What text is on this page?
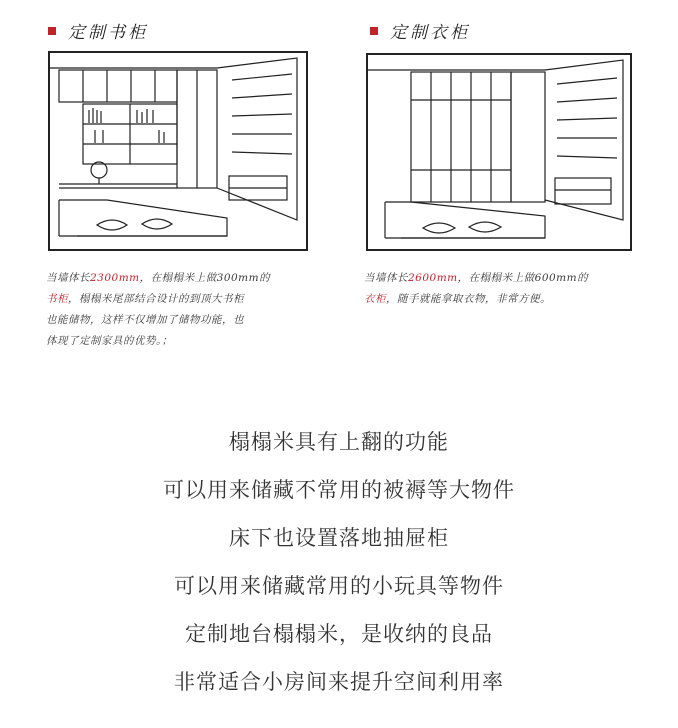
定制书柜	定制衣柜
当墙体长2300mm，在榻榻米上做300mm的
书柜，榻榻米尾部结合设计的到顶大书柜
也能储物，这样不仅增加了储物功能，也
体现了定制家具的优势。；
当墙体长2600mm，在榻榻米上做600mm的
衣柜，随手就能拿取衣物，非常方便。
榻榻米具有上翻的功能
可以用来储藏不常用的被褥等大物件
床下也设置落地抽屉柜
可以用来储藏常用的小玩具等物件
定制地台榻榻米，是收纳的良品
非常适合小房间来提升空间利用率
